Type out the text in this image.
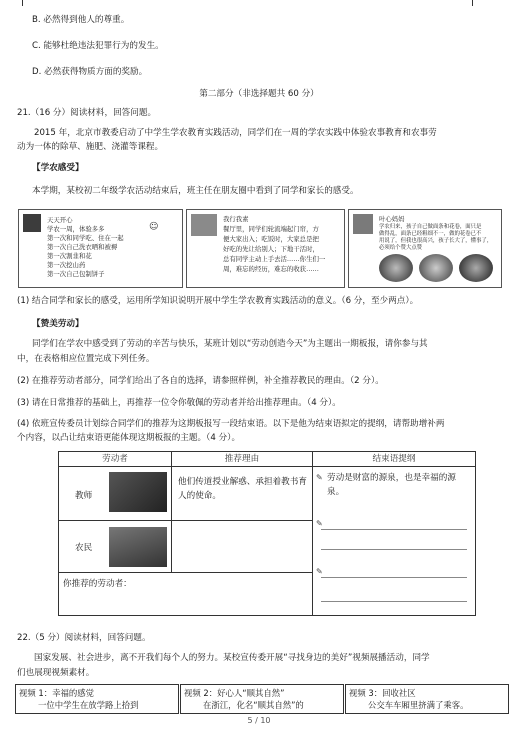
B. 必然得到他人的尊重。
C. 能够杜绝违法犯罪行为的发生。
D. 必然获得物质方面的奖励。
第二部分（非选择题共 60 分）
21.（16 分）阅读材料，回答问题。
2015 年，北京市教委启动了中学生学农教育实践活动，同学们在一周的学农实践中体验农事教育和农事劳
动为一体的除草、施肥、浇灌等课程。
【学农感受】
本学期，某校初二年级学农活动结束后，班主任在朋友圈中看到了同学和家长的感受。
天天开心
学农一周，体验多多
第一次和同学吃、住在一起
第一次自己洗衣晒和被褥
第一次割韭和花
第一次挖山药
第一次自己包制饼子
☺
我行我素
餐厅里，同学们轮流端起门帘，方
便大家出入；吃饭时，大家总是把
好吃的先让给别人；下地干活时，
总有同学主动上手去活……你生们一
周，难忘的经历，难忘的收获……
叶心妈妈
学农归来，孩子自己做面条和花卷，面只是
做得乱，面条已经粗细不一，做的花卷已不
用说了，但我也很高兴，孩子长大了，懂事了，
必须给个赞大点赞
(1) 结合同学和家长的感受，运用所学知识说明开展中学生学农教育实践活动的意义。（6 分，至少两点）。
【赞美劳动】
同学们在学农中感受到了劳动的辛苦与快乐，某班计划以“劳动创造今天”为主题出一期板报，请你参与其
中，在表格相应位置完成下列任务。
(2) 在推荐劳动者部分，同学们给出了各自的选择，请参照样例，补全推荐教民的理由。（2 分）。
(3) 请在日常推荐的基础上，再推荐一位令你敬佩的劳动者并给出推荐理由。（4 分）。
(4) 依班宣传委员计划综合同学们的推荐为这期板报写一段结束语。以下是他为结束语拟定的提纲，请帮助增补两
个内容，以凸让结束语更能体现这期板报的主题。（4 分）。
劳动者	推荐理由	结束语提纲

教师	他们传道授业解惑、承担着教书育人的使命。	✎ 劳动是财富的源泉，也是幸福的源泉。
✎
✎

农民		

你推荐的劳动者：		
22.（5 分）阅读材料，回答问题。
国家发展、社会进步，离不开我们每个人的努力。某校宣传委开展“寻找身边的美好”视频展播活动，同学
们也展现视频素材。
视频 1：幸福的感觉
一位中学生在放学路上拾到
视频 2：好心人“顺其自然”
在浙江，化名“顺其自然”的
视频 3：回收社区
公交车车厢里挤满了乘客。
5 / 10
